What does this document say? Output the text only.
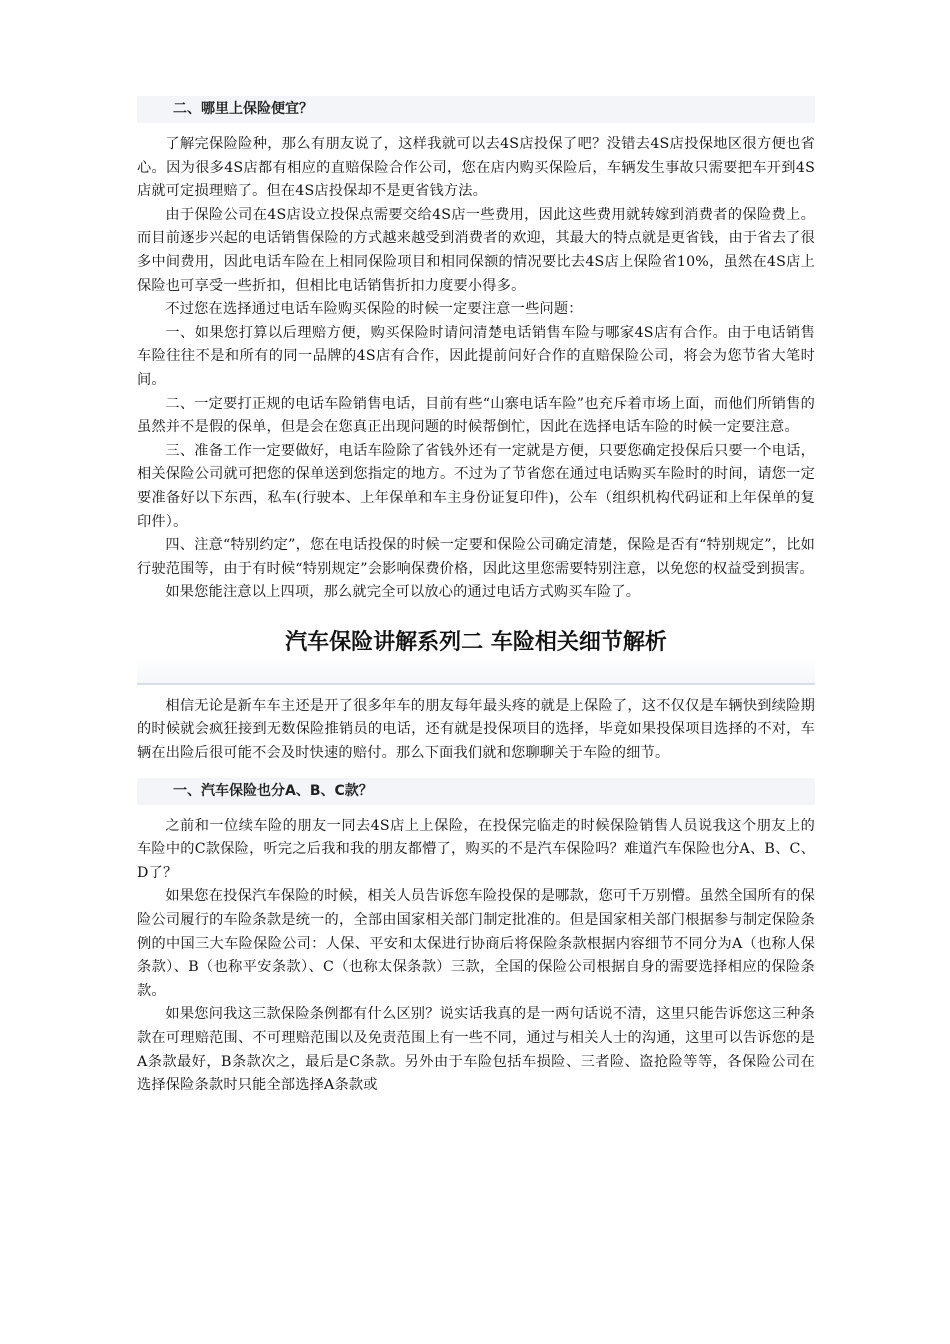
二、哪里上保险便宜？

了解完保险险种，那么有朋友说了，这样我就可以去4S店投保了吧？没错去4S店投保地区很方便也省心。因为很多4S店都有相应的直赔保险合作公司，您在店内购买保险后，车辆发生事故只需要把车开到4S店就可定损理赔了。但在4S店投保却不是更省钱方法。

由于保险公司在4S店设立投保点需要交给4S店一些费用，因此这些费用就转嫁到消费者的保险费上。而目前逐步兴起的电话销售保险的方式越来越受到消费者的欢迎，其最大的特点就是更省钱，由于省去了很多中间费用，因此电话车险在上相同保险项目和相同保额的情况要比去4S店上保险省10%，虽然在4S店上保险也可享受一些折扣，但相比电话销售折扣力度要小得多。

不过您在选择通过电话车险购买保险的时候一定要注意一些问题：

一、如果您打算以后理赔方便，购买保险时请问清楚电话销售车险与哪家4S店有合作。由于电话销售车险往往不是和所有的同一品牌的4S店有合作，因此提前问好合作的直赔保险公司，将会为您节省大笔时间。

二、一定要打正规的电话车险销售电话，目前有些“山寨电话车险”也充斥着市场上面，而他们所销售的虽然并不是假的保单，但是会在您真正出现问题的时候帮倒忙，因此在选择电话车险的时候一定要注意。

三、准备工作一定要做好，电话车险除了省钱外还有一定就是方便，只要您确定投保后只要一个电话，相关保险公司就可把您的保单送到您指定的地方。不过为了节省您在通过电话购买车险时的时间，请您一定要准备好以下东西，私车(行驶本、上年保单和车主身份证复印件)，公车（组织机构代码证和上年保单的复印件）。

四、注意“特别约定”，您在电话投保的时候一定要和保险公司确定清楚，保险是否有“特别规定”，比如行驶范围等，由于有时候“特别规定”会影响保费价格，因此这里您需要特别注意，以免您的权益受到损害。

如果您能注意以上四项，那么就完全可以放心的通过电话方式购买车险了。

汽车保险讲解系列二 车险相关细节解析

相信无论是新车车主还是开了很多年车的朋友每年最头疼的就是上保险了，这不仅仅是车辆快到续险期的时候就会疯狂接到无数保险推销员的电话，还有就是投保项目的选择，毕竟如果投保项目选择的不对，车辆在出险后很可能不会及时快速的赔付。那么下面我们就和您聊聊关于车险的细节。

一、汽车保险也分A、B、C款？

之前和一位续车险的朋友一同去4S店上上保险，在投保完临走的时候保险销售人员说我这个朋友上的车险中的C款保险，听完之后我和我的朋友都懵了，购买的不是汽车保险吗？难道汽车保险也分A、B、C、D了？

如果您在投保汽车保险的时候，相关人员告诉您车险投保的是哪款，您可千万别懵。虽然全国所有的保险公司履行的车险条款是统一的，全部由国家相关部门制定批准的。但是国家相关部门根据参与制定保险条例的中国三大车险保险公司：人保、平安和太保进行协商后将保险条款根据内容细节不同分为A（也称人保条款）、B（也称平安条款）、C（也称太保条款）三款，全国的保险公司根据自身的需要选择相应的保险条款。

如果您问我这三款保险条例都有什么区别？说实话我真的是一两句话说不清，这里只能告诉您这三种条款在可理赔范围、不可理赔范围以及免责范围上有一些不同，通过与相关人士的沟通，这里可以告诉您的是A条款最好，B条款次之，最后是C条款。另外由于车险包括车损险、三者险、盗抢险等等，各保险公司在选择保险条款时只能全部选择A条款或
